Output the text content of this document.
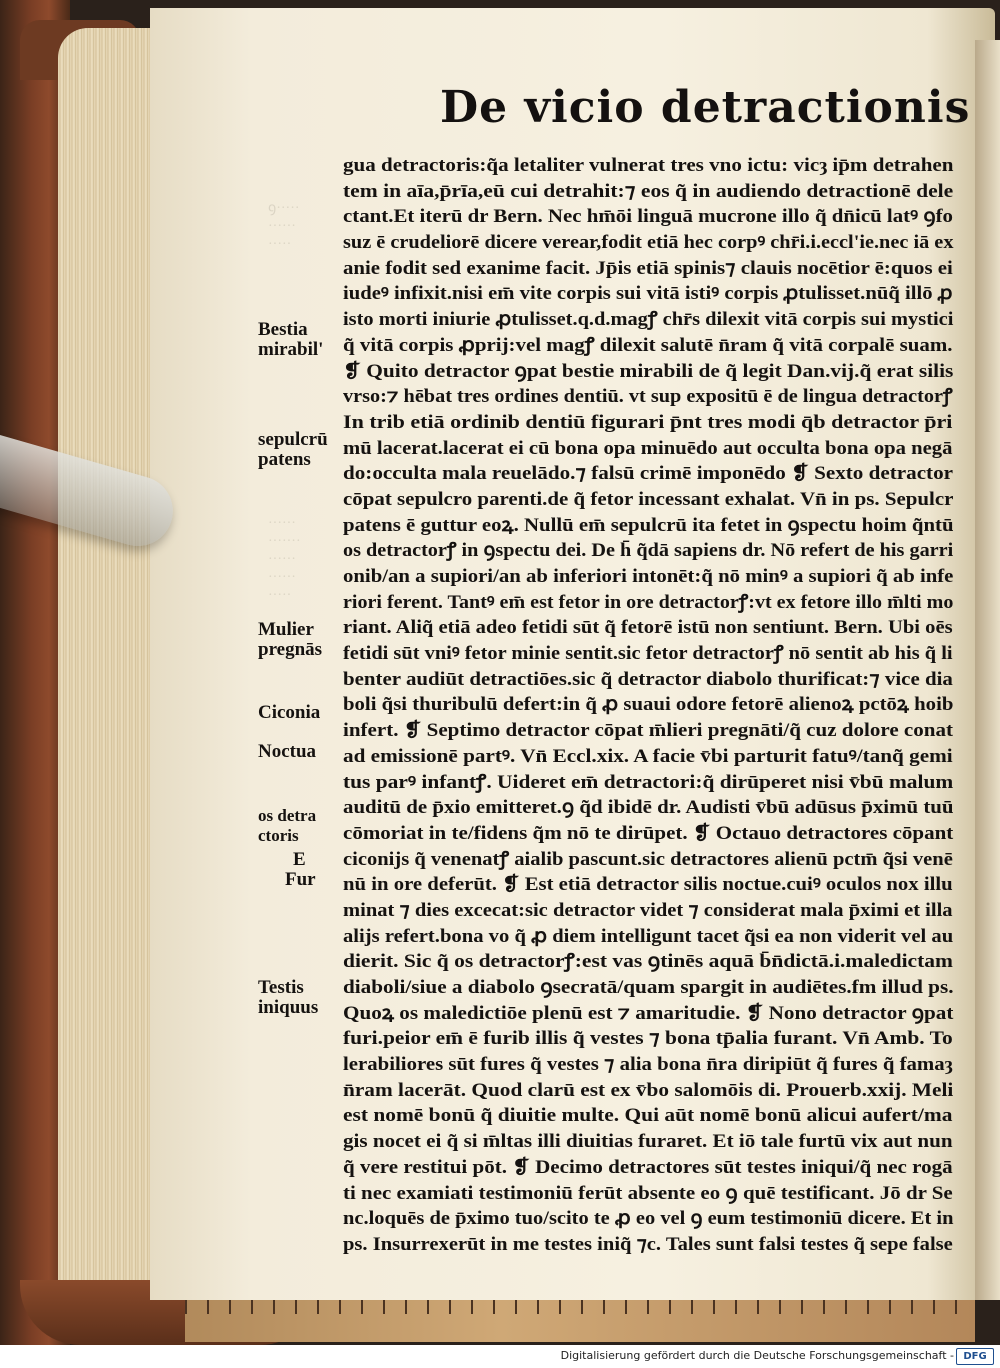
ꝯ·····
······
·····
······
·······
······
······
·····
De vicio detractionis
gua detractoris:q̃a letaliter vulnerat tres vno ictu: vicȝ ip̄m detrahen
tem in aīa,p̄rīa,eū cui detrahit:⁊ eos q̃ in audiendo detractionē dele
ctant.Et iterū dr Bern. Nec hm̄ōi linguā mucrone illo q̃ dn̄icū latꝰ ꝯfo
suz ē crudeliorē dicere verear,fodit etiā hec corpꝰ chr̄i.i.eccl'ie.nec iā ex
anie fodit sed exanime facit. Jp̄is etiā spinis⁊ clauis nocētior ē:quos ei
iudeꝰ infixit.nisi em̄ vite corpis sui vitā istiꝰ corpis ꝓtulisset.nūq̃ illō ꝓ
isto morti iniurie ꝓtulisset.q.d.magꝭ chr̄s dilexit vitā corpis sui mystici
q̃ vitā corpis ꝓprij:vel magꝭ dilexit salutē n̄ram q̃ vitā corpalē suam.
❡ Quito detractor ꝯpat bestie mirabili de q̃ legit Dan.vij.q̃ erat silis
vrso:⁊ hēbat tres ordines dentiū. vt sup expositū ē de lingua detractorꝭ
In trib etiā ordinib dentiū figurari p̄nt tres modi q̄b detractor p̄ri
mū lacerat.lacerat ei cū bona opa minuēdo aut occulta bona opa negā
do:occulta mala reuelādo.⁊ falsū crimē imponēdo ❡ Sexto detractor
cōpat sepulcro parenti.de q̃ fetor incessant exhalat. Vn̄ in ps. Sepulcr
patens ē guttur eoꝝ. Nullū em̄ sepulcrū ita fetet in ꝯspectu hoim q̃ntū
os detractorꝭ in ꝯspectu dei. De h̄ q̃dā sapiens dr. Nō refert de his garri
onib/an a supiori/an ab inferiori intonēt:q̃ nō minꝰ a supiori q̃ ab infe
riori ferent. Tantꝰ em̄ est fetor in ore detractorꝭ:vt ex fetore illo m̄lti mo
riant. Aliq̃ etiā adeo fetidi sūt q̃ fetorē istū non sentiunt. Bern. Ubi oēs
fetidi sūt vniꝰ fetor minie sentit.sic fetor detractorꝭ nō sentit ab his q̃ li
benter audiūt detractiōes.sic q̃ detractor diabolo thurificat:⁊ vice dia
boli q̃si thuribulū defert:in q̃ ꝓ suaui odore fetorē alienoꝝ pctōꝝ hoib
infert. ❡ Septimo detractor cōpat m̄lieri pregnāti/q̃ cuz dolore conat
ad emissionē partꝰ. Vn̄ Eccl.xix. A facie v̄bi parturit fatuꝰ/tanq̃ gemi
tus parꝰ infantꝭ. Uideret em̄ detractori:q̃ dirūperet nisi v̄bū malum
auditū de p̄xio emitteret.ꝯ q̃d ibidē dr. Audisti v̄bū adūsus p̄ximū tuū
cōmoriat in te/fidens q̃m nō te dirūpet. ❡ Octauo detractores cōpant
ciconijs q̃ venenatꝭ aialib pascunt.sic detractores alienū pctm̄ q̃si venē
nū in ore deferūt. ❡ Est etiā detractor silis noctue.cuiꝰ oculos nox illu
minat ⁊ dies excecat:sic detractor videt ⁊ considerat mala p̄ximi et illa
alijs refert.bona vo q̃ ꝓ diem intelligunt tacet q̃si ea non viderit vel au
dierit. Sic q̃ os detractorꝭ:est vas ꝯtinēs aquā b̄n̄dictā.i.maledictam
diaboli/siue a diabolo ꝯsecratā/quam spargit in audiētes.fm illud ps.
Quoꝝ os maledictiōe plenū est ⁊ amaritudie. ❡ Nono detractor ꝯpat
furi.peior em̄ ē furib illis q̃ vestes ⁊ bona tp̄alia furant. Vn̄ Amb. To
lerabiliores sūt fures q̃ vestes ⁊ alia bona n̄ra diripiūt q̃ fures q̃ famaȝ
n̄ram lacerāt. Quod clarū est ex v̄bo salomōis di. Prouerb.xxij. Meli
est nomē bonū q̃ diuitie multe. Qui aūt nomē bonū alicui aufert/ma
gis nocet ei q̃ si m̄ltas illi diuitias furaret. Et iō tale furtū vix aut nun
q̃ vere restitui pōt. ❡ Decimo detractores sūt testes iniqui/q̃ nec rogā
ti nec examiati testimoniū ferūt absente eo ꝯ quē testificant. Jō dr Se
nc.loquēs de p̄ximo tuo/scito te ꝓ eo vel ꝯ eum testimoniū dicere. Et in
ps. Insurrexerūt in me testes iniq̃ ⁊c. Tales sunt falsi testes q̃ sepe false
Bestia
mirabil'
sepulcrū
patens
Mulier
pregnās
Ciconia
Noctua
os detra
ctoris
E
Fur
Testis
iniquus
Digitalisierung gefördert durch die Deutsche Forschungsgemeinschaft - DFG
